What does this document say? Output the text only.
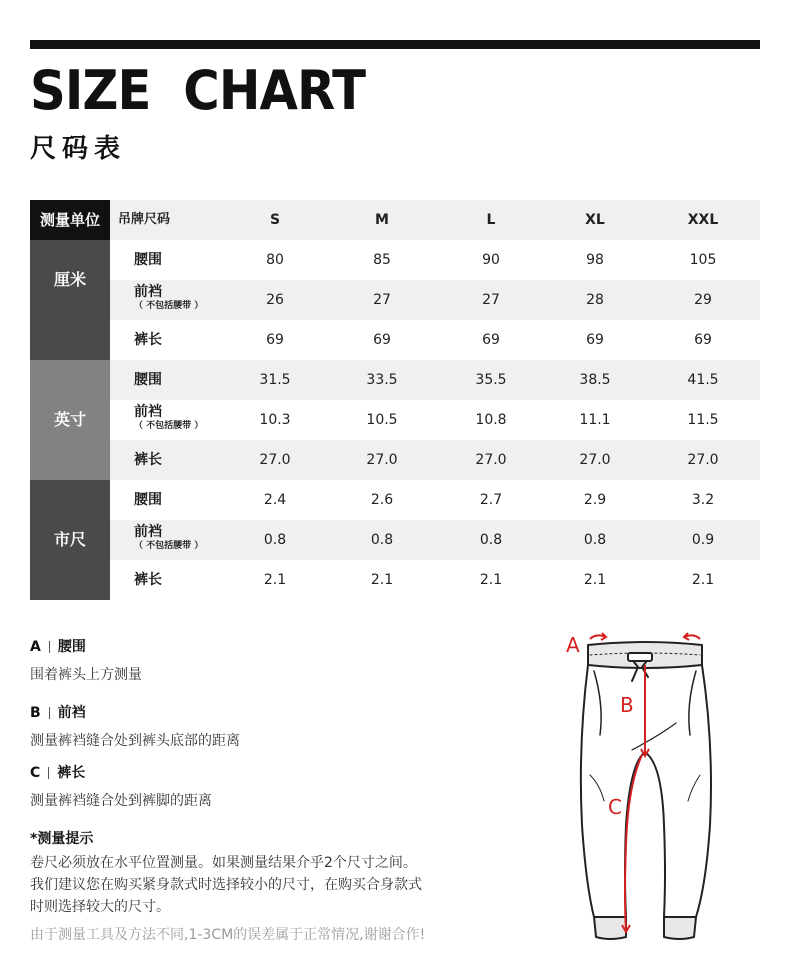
SIZE  CHART
尺码表
测量单位	吊牌尺码	S	M	L	XL	XXL
厘米
腰围	80	85	90	98	105
前裆
（ 不包括腰带 ）	26	27	27	28	29
裤长	69	69	69	69	69
英寸
腰围	31.5	33.5	35.5	38.5	41.5
前裆
（ 不包括腰带 ）	10.3	10.5	10.8	11.1	11.5
裤长	27.0	27.0	27.0	27.0	27.0
市尺
腰围	2.4	2.6	2.7	2.9	3.2
前裆
（ 不包括腰带 ）	0.8	0.8	0.8	0.8	0.9
裤长	2.1	2.1	2.1	2.1	2.1
A 腰围
围着裤头上方测量
B 前裆
测量裤裆缝合处到裤头底部的距离
C 裤长
测量裤裆缝合处到裤脚的距离
*测量提示
卷尺必须放在水平位置测量。如果测量结果介乎2个尺寸之间。
我们建议您在购买紧身款式时选择较小的尺寸，在购买合身款式
时则选择较大的尺寸。
由于测量工具及方法不同,1-3CM的误差属于正常情况,谢谢合作!
A
B
C
